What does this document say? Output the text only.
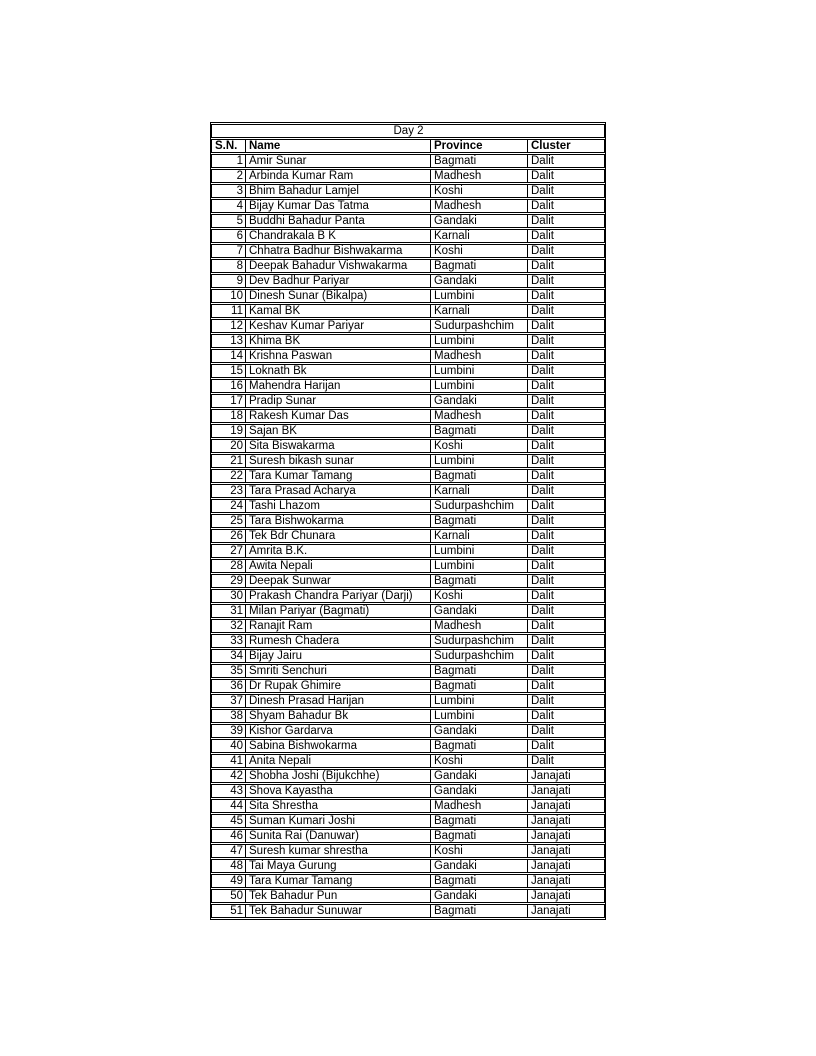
Day 2			
S.N.	Name	Province	Cluster
1	Amir Sunar	Bagmati	Dalit
2	Arbinda Kumar Ram	Madhesh	Dalit
3	Bhim Bahadur Lamjel	Koshi	Dalit
4	Bijay Kumar Das Tatma	Madhesh	Dalit
5	Buddhi Bahadur Panta	Gandaki	Dalit
6	Chandrakala B K	Karnali	Dalit
7	Chhatra Badhur Bishwakarma	Koshi	Dalit
8	Deepak Bahadur Vishwakarma	Bagmati	Dalit
9	Dev Badhur Pariyar	Gandaki	Dalit
10	Dinesh Sunar (Bikalpa)	Lumbini	Dalit
11	Kamal BK	Karnali	Dalit
12	Keshav Kumar Pariyar	Sudurpashchim	Dalit
13	Khima BK	Lumbini	Dalit
14	Krishna Paswan	Madhesh	Dalit
15	Loknath Bk	Lumbini	Dalit
16	Mahendra Harijan	Lumbini	Dalit
17	Pradip Sunar	Gandaki	Dalit
18	Rakesh Kumar Das	Madhesh	Dalit
19	Sajan BK	Bagmati	Dalit
20	Sita Biswakarma	Koshi	Dalit
21	Suresh bikash sunar	Lumbini	Dalit
22	Tara Kumar Tamang	Bagmati	Dalit
23	Tara Prasad Acharya	Karnali	Dalit
24	Tashi Lhazom	Sudurpashchim	Dalit
25	Tara Bishwokarma	Bagmati	Dalit
26	Tek Bdr Chunara	Karnali	Dalit
27	Amrita B.K.	Lumbini	Dalit
28	Awita Nepali	Lumbini	Dalit
29	Deepak Sunwar	Bagmati	Dalit
30	Prakash Chandra Pariyar (Darji)	Koshi	Dalit
31	Milan Pariyar (Bagmati)	Gandaki	Dalit
32	Ranajit Ram	Madhesh	Dalit
33	Rumesh Chadera	Sudurpashchim	Dalit
34	Bijay Jairu	Sudurpashchim	Dalit
35	Smriti Senchuri	Bagmati	Dalit
36	Dr Rupak Ghimire	Bagmati	Dalit
37	Dinesh Prasad Harijan	Lumbini	Dalit
38	Shyam Bahadur Bk	Lumbini	Dalit
39	Kishor Gardarva	Gandaki	Dalit
40	Sabina Bishwokarma	Bagmati	Dalit
41	Anita Nepali	Koshi	Dalit
42	Shobha Joshi (Bijukchhe)	Gandaki	Janajati
43	Shova Kayastha	Gandaki	Janajati
44	Sita Shrestha	Madhesh	Janajati
45	Suman Kumari Joshi	Bagmati	Janajati
46	Sunita Rai (Danuwar)	Bagmati	Janajati
47	Suresh kumar shrestha	Koshi	Janajati
48	Tai Maya Gurung	Gandaki	Janajati
49	Tara Kumar Tamang	Bagmati	Janajati
50	Tek Bahadur Pun	Gandaki	Janajati
51	Tek Bahadur Sunuwar	Bagmati	Janajati
